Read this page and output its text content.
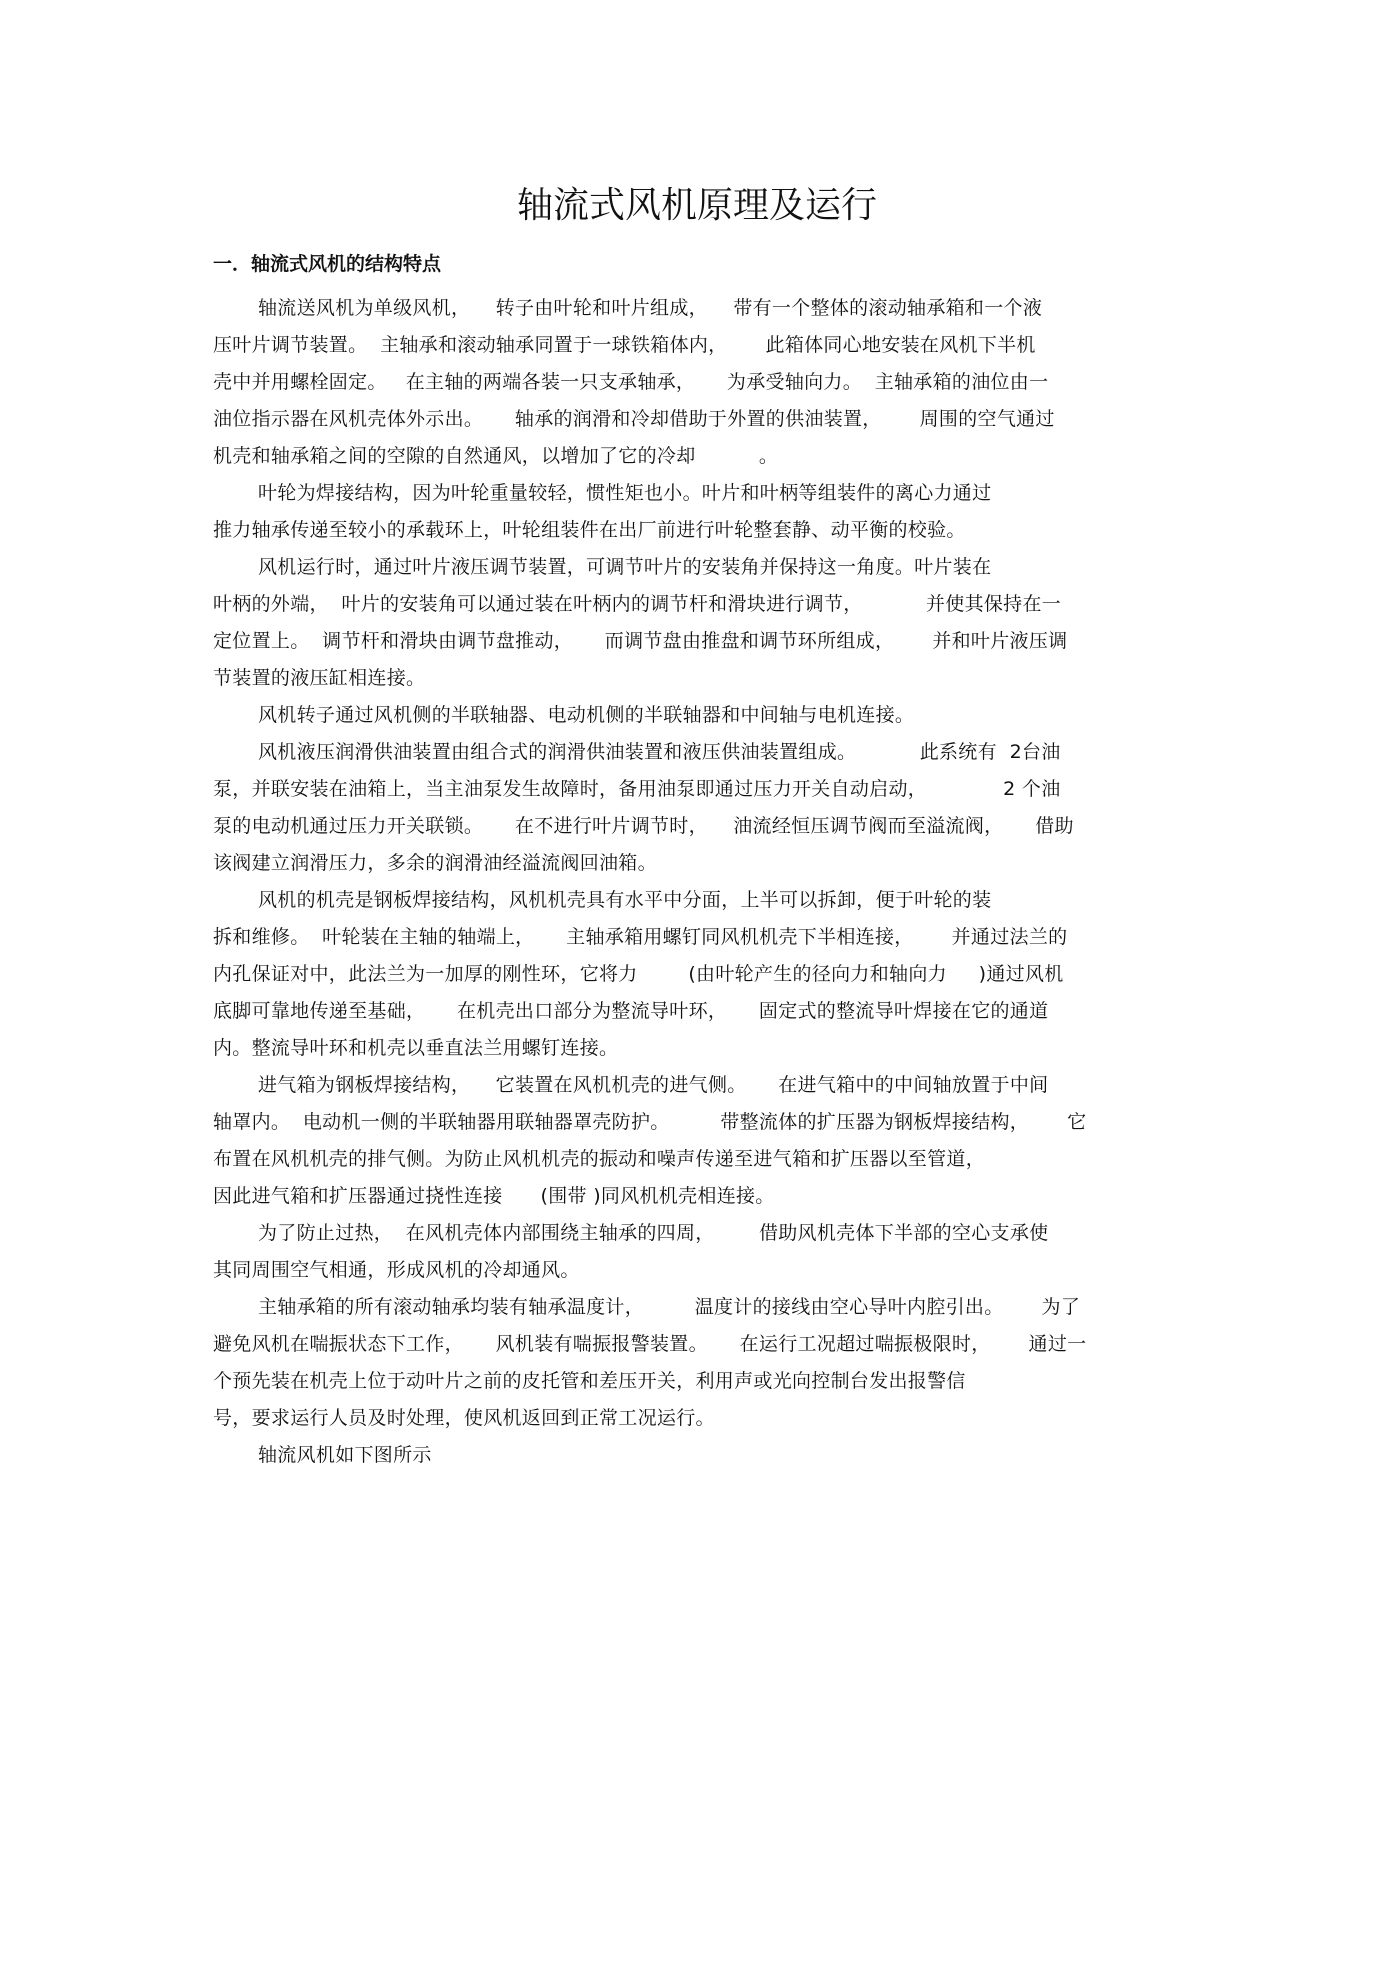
轴流式风机原理及运行
一．轴流式风机的结构特点
轴流送风机为单级风机，    转子由叶轮和叶片组成，    带有一个整体的滚动轴承箱和一个液
压叶片调节装置。  主轴承和滚动轴承同置于一球铁箱体内，      此箱体同心地安装在风机下半机
壳中并用螺栓固定。   在主轴的两端各装一只支承轴承，     为承受轴向力。  主轴承箱的油位由一
油位指示器在风机壳体外示出。     轴承的润滑和冷却借助于外置的供油装置，      周围的空气通过
机壳和轴承箱之间的空隙的自然通风，以增加了它的冷却          。
叶轮为焊接结构，因为叶轮重量较轻，惯性矩也小。叶片和叶柄等组装件的离心力通过
推力轴承传递至较小的承载环上，叶轮组装件在出厂前进行叶轮整套静、动平衡的校验。
风机运行时，通过叶片液压调节装置，可调节叶片的安装角并保持这一角度。叶片装在
叶柄的外端，  叶片的安装角可以通过装在叶柄内的调节杆和滑块进行调节，          并使其保持在一
定位置上。  调节杆和滑块由调节盘推动，     而调节盘由推盘和调节环所组成，      并和叶片液压调
节装置的液压缸相连接。
风机转子通过风机侧的半联轴器、电动机侧的半联轴器和中间轴与电机连接。
风机液压润滑供油装置由组合式的润滑供油装置和液压供油装置组成。          此系统有  2台油
泵，并联安装在油箱上，当主油泵发生故障时，备用油泵即通过压力开关自动启动，            2 个油
泵的电动机通过压力开关联锁。     在不进行叶片调节时，    油流经恒压调节阀而至溢流阀，     借助
该阀建立润滑压力，多余的润滑油经溢流阀回油箱。
风机的机壳是钢板焊接结构，风机机壳具有水平中分面，上半可以拆卸，便于叶轮的装
拆和维修。  叶轮装在主轴的轴端上，     主轴承箱用螺钉同风机机壳下半相连接，      并通过法兰的
内孔保证对中，此法兰为一加厚的刚性环，它将力        (由叶轮产生的径向力和轴向力     )通过风机
底脚可靠地传递至基础，     在机壳出口部分为整流导叶环，     固定式的整流导叶焊接在它的通道
内。整流导叶环和机壳以垂直法兰用螺钉连接。
进气箱为钢板焊接结构，    它装置在风机机壳的进气侧。     在进气箱中的中间轴放置于中间
轴罩内。  电动机一侧的半联轴器用联轴器罩壳防护。        带整流体的扩压器为钢板焊接结构，      它
布置在风机机壳的排气侧。为防止风机机壳的振动和噪声传递至进气箱和扩压器以至管道，
因此进气箱和扩压器通过挠性连接      (围带 )同风机机壳相连接。
为了防止过热，  在风机壳体内部围绕主轴承的四周，       借助风机壳体下半部的空心支承使
其同周围空气相通，形成风机的冷却通风。
主轴承箱的所有滚动轴承均装有轴承温度计，        温度计的接线由空心导叶内腔引出。      为了
避免风机在喘振状态下工作，     风机装有喘振报警装置。     在运行工况超过喘振极限时，      通过一
个预先装在机壳上位于动叶片之前的皮托管和差压开关，利用声或光向控制台发出报警信
号，要求运行人员及时处理，使风机返回到正常工况运行。
轴流风机如下图所示
